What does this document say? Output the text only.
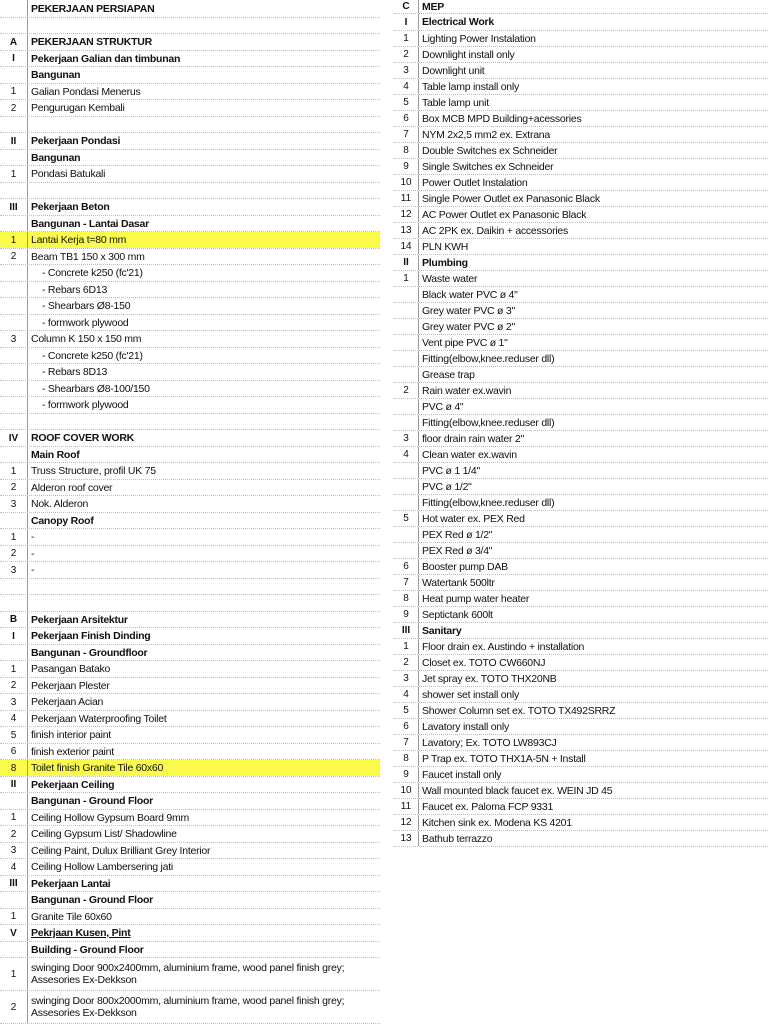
PEKERJAAN PERSIAPAN
A	PEKERJAAN STRUKTUR
I	Pekerjaan Galian dan timbunan
Bangunan
1	Galian Pondasi Menerus
2	Pengurugan Kembali
II	Pekerjaan Pondasi
Bangunan
1	Pondasi Batukali
III	Pekerjaan Beton
Bangunan - Lantai Dasar
1	Lantai Kerja t=80 mm
2	Beam TB1 150 x 300 mm
- Concrete k250 (fc'21)
- Rebars 6D13
- Shearbars Ø8-150
- formwork plywood
3	Column K 150 x 150 mm
- Concrete k250 (fc'21)
- Rebars 8D13
- Shearbars Ø8-100/150
- formwork plywood
IV	ROOF COVER WORK
Main Roof
1	Truss Structure, profil UK 75
2	Alderon roof cover
3	Nok. Alderon
Canopy Roof
1	-
2	-
3	-
B	Pekerjaan Arsitektur
I	Pekerjaan Finish Dinding
Bangunan - Groundfloor
1	Pasangan Batako
2	Pekerjaan Plester
3	Pekerjaan Acian
4	Pekerjaan Waterproofing Toilet
5	finish interior paint
6	finish exterior paint
8	Toilet finish Granite Tile 60x60
II	Pekerjaan Ceiling
Bangunan - Ground Floor
1	Ceiling Hollow Gypsum Board 9mm
2	Ceiling Gypsum List/ Shadowline
3	Ceiling Paint, Dulux Brilliant Grey Interior
4	Ceiling Hollow Lambersering jati
III	Pekerjaan Lantai
Bangunan - Ground Floor
1	Granite Tile 60x60
V	Pekrjaan Kusen, Pint
Building - Ground Floor
1	swinging Door 900x2400mm, aluminium frame, wood panel finish grey; Assesories Ex-Dekkson
2	swinging Door 800x2000mm, aluminium frame, wood panel finish grey; Assesories Ex-Dekkson
C	MEP
I	Electrical Work
1	Lighting Power Instalation
2	Downlight install only
3	Downlight unit
4	Table lamp install only
5	Table lamp unit
6	Box MCB MPD Building+acessories
7	NYM 2x2,5 mm2 ex. Extrana
8	Double Switches ex Schneider
9	Single Switches ex Schneider
10 Power Outlet Instalation
11	Single Power Outlet ex Panasonic Black
12 AC Power Outlet ex Panasonic Black
13 AC 2PK ex. Daikin + accessories
14 PLN KWH
II	Plumbing
1	Waste water
Black water PVC ø 4"
Grey water PVC ø 3"
Grey water PVC ø 2"
Vent pipe PVC ø 1"
Fitting(elbow,knee.reduser dll)
Grease trap
2	Rain water ex.wavin
PVC ø 4"
Fitting(elbow,knee.reduser dll)
3	floor drain rain water 2"
4	Clean water ex.wavin
PVC ø 1 1/4"
PVC ø 1/2"
Fitting(elbow,knee.reduser dll)
5	Hot water ex. PEX Red
PEX Red ø 1/2"
PEX Red ø 3/4"
6	Booster pump DAB
7	Watertank 500ltr
8	Heat pump water heater
9	Septictank 600lt
III	Sanitary
1	Floor drain ex. Austindo + installation
2	Closet ex. TOTO CW660NJ
3	Jet spray ex. TOTO THX20NB
4	shower set install only
5	Shower Column set ex. TOTO TX492SRRZ
6	Lavatory install only
7	Lavatory; Ex. TOTO LW893CJ
8	P Trap ex. TOTO THX1A-5N + Install
9	Faucet install only
10 Wall mounted black faucet ex. WEIN JD 45
11	Faucet ex. Paloma FCP 9331
12 Kitchen sink ex. Modena KS 4201
13 Bathub terrazzo
